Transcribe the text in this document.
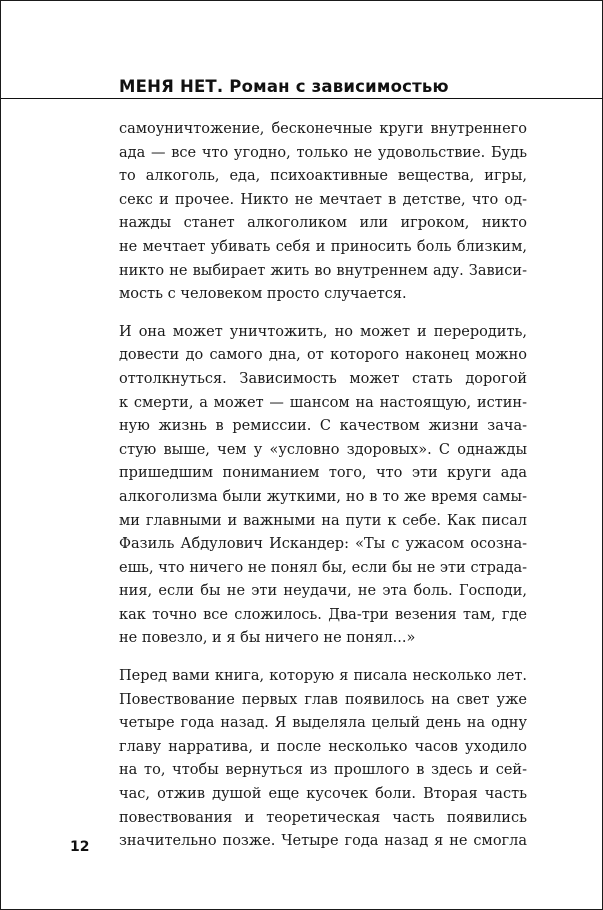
МЕНЯ НЕТ. Роман с зависимостью

самоуничтожение, бесконечные круги внутреннего
ада — все что угодно, только не удовольствие. Будь
то алкоголь, еда, психоактивные вещества, игры,
секс и прочее. Никто не мечтает в детстве, что од-
нажды станет алкоголиком или игроком, никто
не мечтает убивать себя и приносить боль близким,
никто не выбирает жить во внутреннем аду. Зависи-
мость с человеком просто случается.

И она может уничтожить, но может и переродить,
довести до самого дна, от которого наконец можно
оттолкнуться. Зависимость может стать дорогой
к смерти, а может — шансом на настоящую, истин-
ную жизнь в ремиссии. С качеством жизни зача-
стую выше, чем у «условно здоровых». С однажды
пришедшим пониманием того, что эти круги ада
алкоголизма были жуткими, но в то же время самы-
ми главными и важными на пути к себе. Как писал
Фазиль Абдулович Искандер: «Ты с ужасом осозна-
ешь, что ничего не понял бы, если бы не эти страда-
ния, если бы не эти неудачи, не эта боль. Господи,
как точно все сложилось. Два-три везения там, где
не повезло, и я бы ничего не понял...»

Перед вами книга, которую я писала несколько лет.
Повествование первых глав появилось на свет уже
четыре года назад. Я выделяла целый день на одну
главу нарратива, и после несколько часов уходило
на то, чтобы вернуться из прошлого в здесь и сей-
час, отжив душой еще кусочек боли. Вторая часть
повествования и теоретическая часть появились
значительно позже. Четыре года назад я не смогла

12
